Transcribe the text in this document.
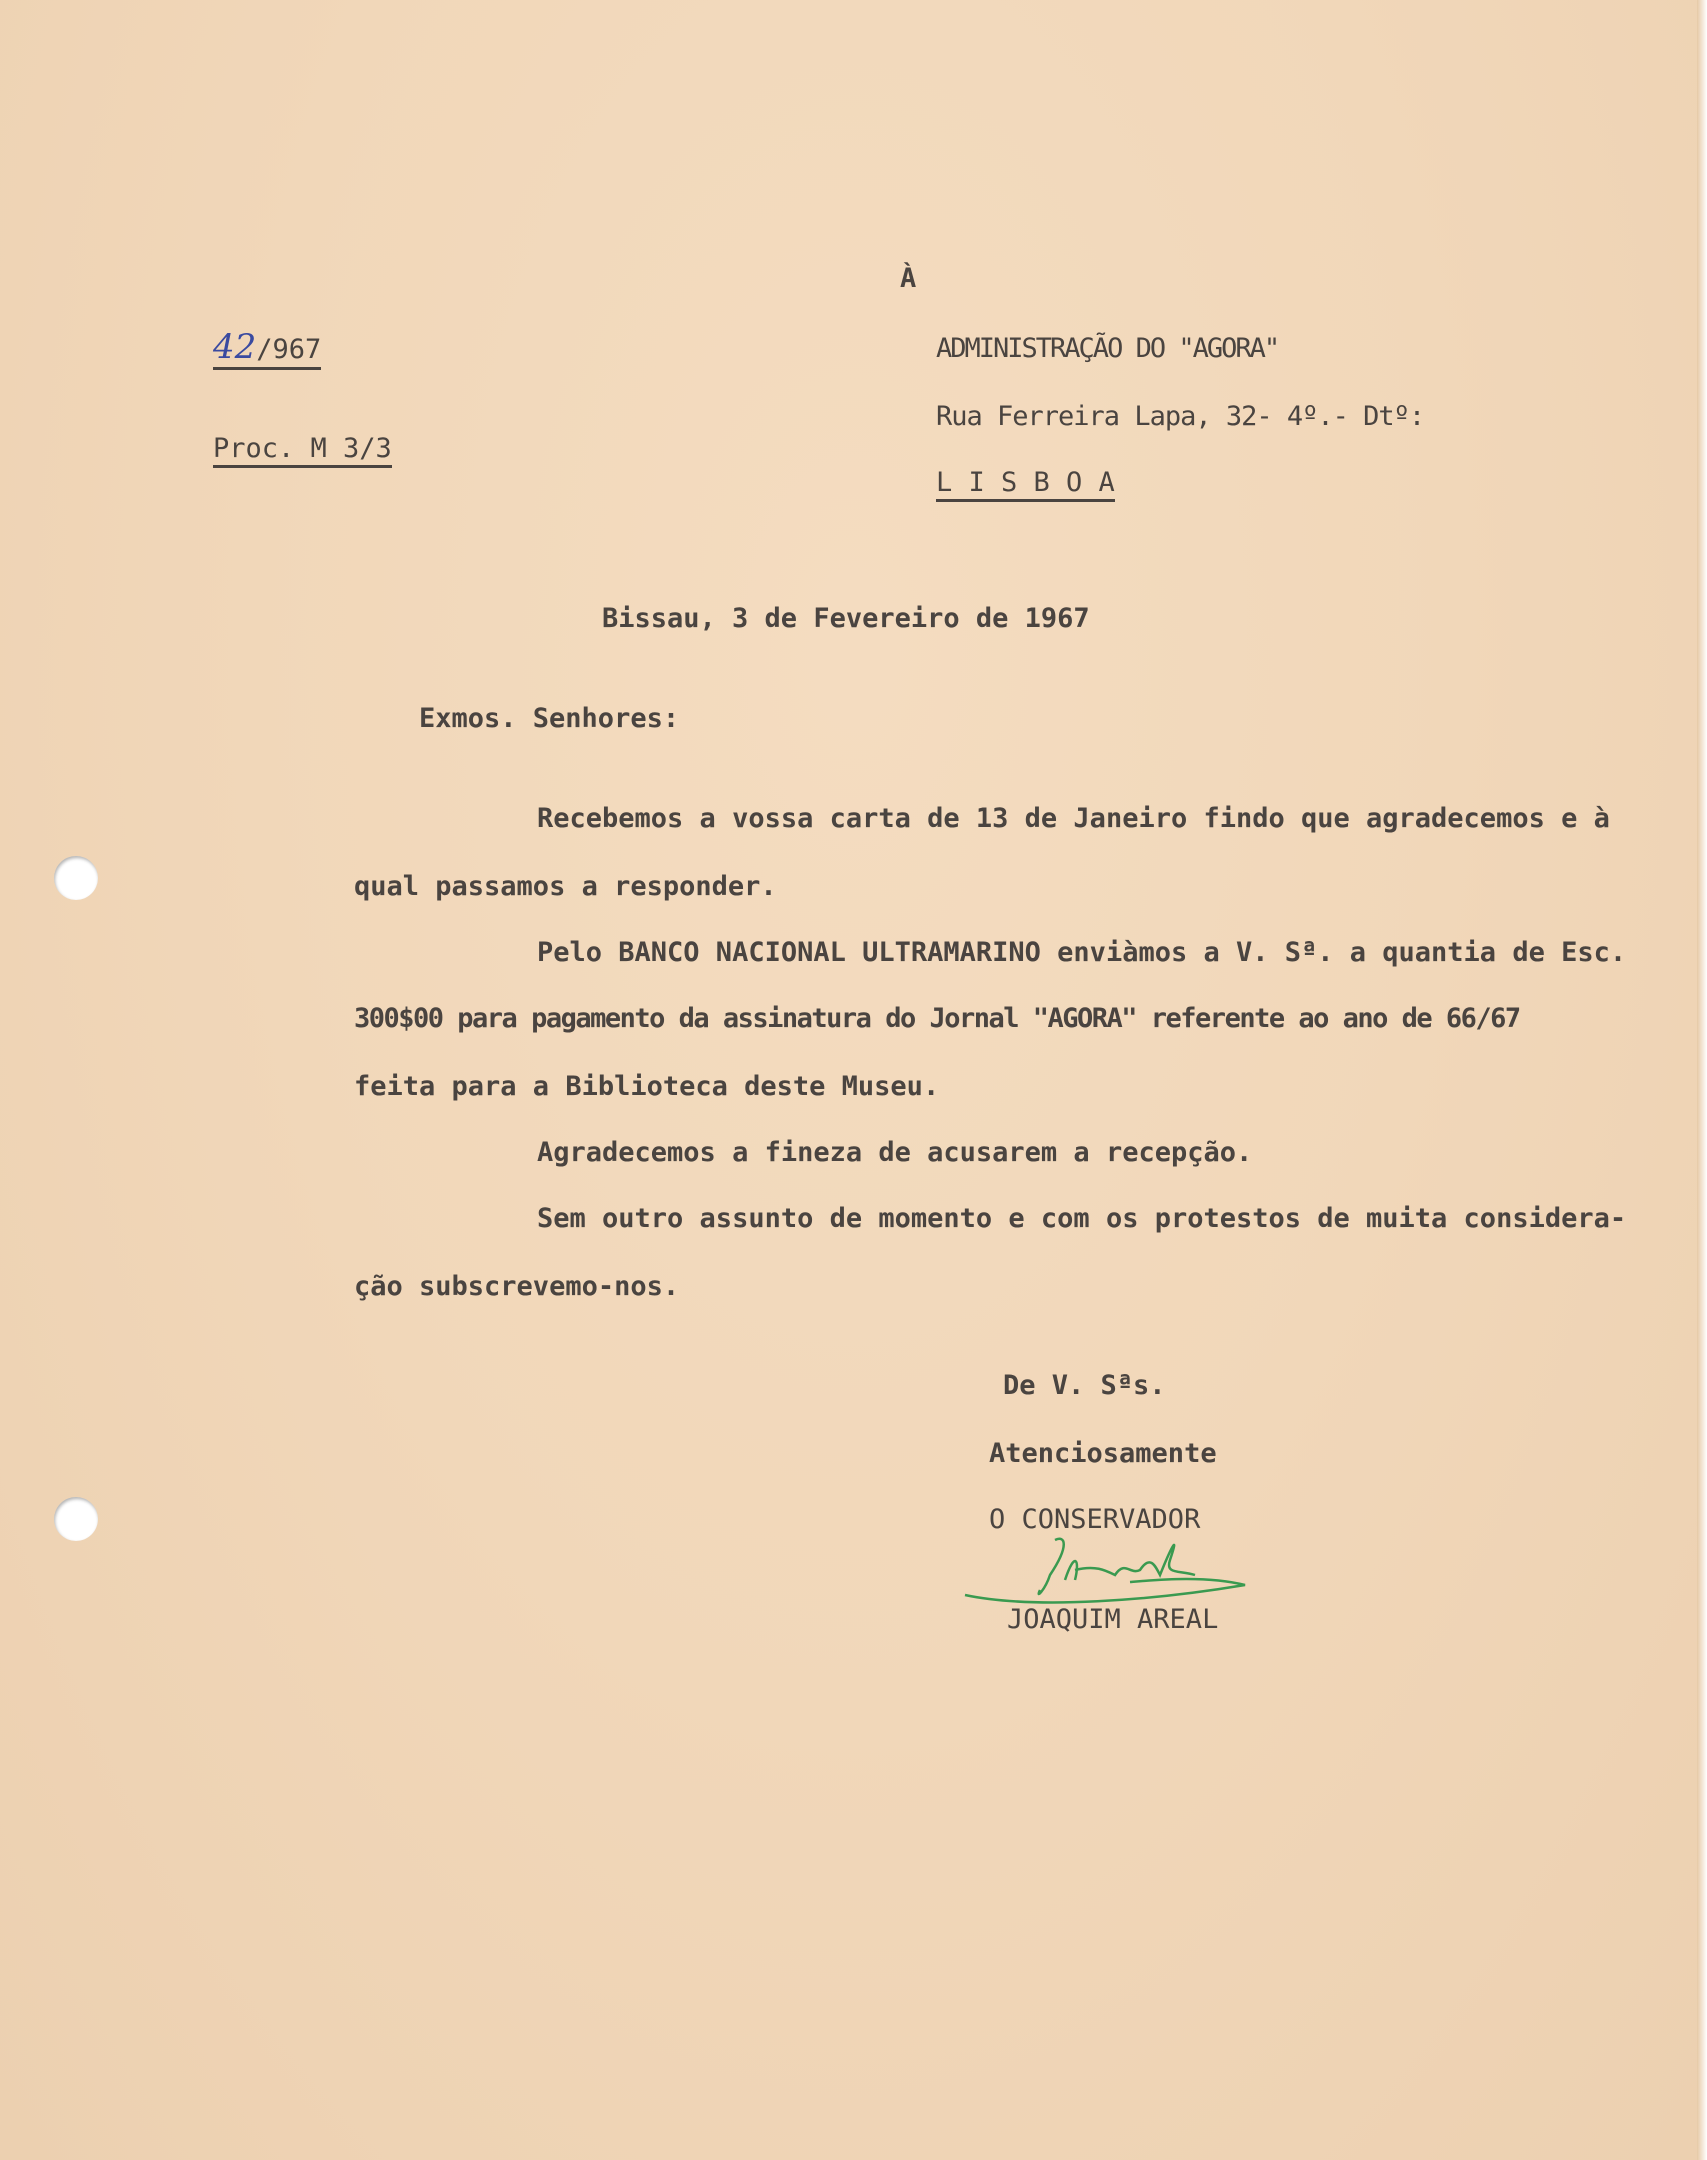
42/967
Proc. M 3/3
À
ADMINISTRAÇÃO DO "AGORA"
Rua Ferreira Lapa, 32- 4º.- Dtº:
L I S B O A
Bissau, 3 de Fevereiro de 1967
Exmos. Senhores:
Recebemos a vossa carta de 13 de Janeiro findo que agradecemos e à
qual passamos a responder.
Pelo BANCO NACIONAL ULTRAMARINO enviàmos a V. Sª. a quantia de Esc.
300$00 para pagamento da assinatura do Jornal "AGORA" referente ao ano de 66/67
feita para a Biblioteca deste Museu.
Agradecemos a fineza de acusarem a recepção.
Sem outro assunto de momento e com os protestos de muita considera-
ção subscrevemo-nos.
De V. Sªs.
Atenciosamente
O CONSERVADOR
JOAQUIM AREAL
